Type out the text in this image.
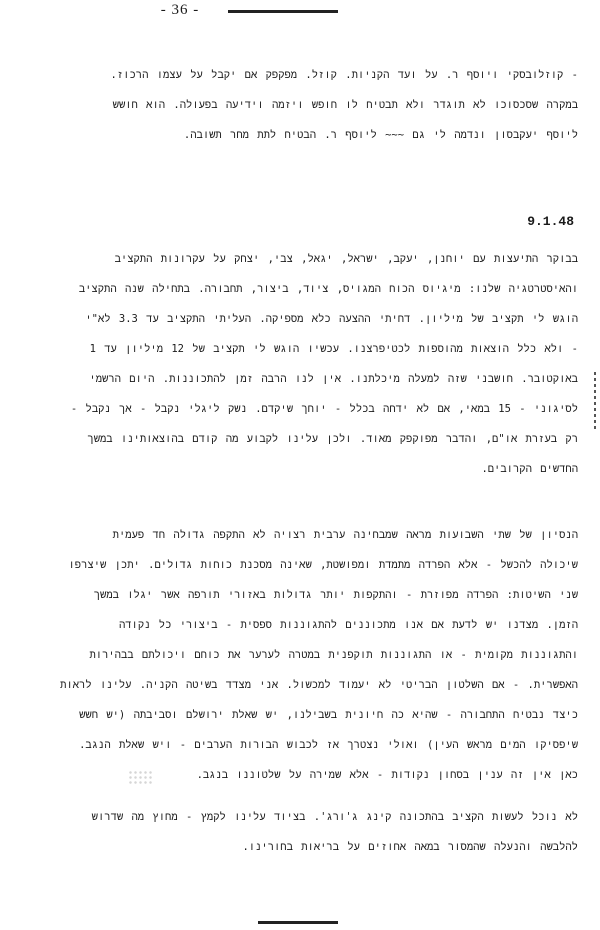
- 36 -
- קוזלובסקי ויוסף ר. על ועד הקניות. קוזל. מפקפק אם יקבל על עצמו הרכוז.
במקרה שסכסוכו לא תוגדר ולא תבטיח לו חופש ויזמה וידיעה בפעולה. הוא חושש
ליוסף יעקבסון ונדמה לי גם ~~~ ליוסף ר. הבטיח לתת מחר תשובה.
9.1.48
בבוקר התיעצות עם יוחנן, יעקב, ישראל, יגאל, צבי, יצחק על עקרונות התקציב
והאיסטרטגיה שלנו: מיגיוס הכוח המגויס, ציוד, ביצור, תחבורה. בתחילה שנה התקציב
הוגש לי תקציב של מיליון. דחיתי ההצעה כלא מספיקה. העליתי התקציב עד 3.3 לא"י
- ולא כלל הוצאות מהוספות לכטיפרצנו. עכשיו הוגש לי תקציב של 12 מיליון עד 1
באוקטובר. חושבני שזה למעלה מיכלתנו. אין לנו הרבה זמן להתכוננות. היום הרשמי
לסיגוני - 15 במאי, אם לא ידחה בכלל - יוחך שיקדם. נשק ליגלי נקבל - אך נקבל -
רק בעזרת או"ם, והדבר מפוקפק מאוד. ולכן עלינו לקבוע מה קודם בהוצאותינו במשך
החדשים הקרובים.
הנסיון של שתי השבועות מראה שמבחינה ערבית רצויה לא התקפה גדולה חד פעמית
שיכולה להכשל - אלא הפרדה מתמדת ומפושטת, שאינה מסכנת כוחות גדולים. יתכן שיצרפו
שני השיטות: הפרדה מפוזרת - והתקפות יותר גדולות באזורי תורפה אשר יגלו במשך
הזמן. מצדנו יש לדעת אם אנו מתכוננים להתגוננות ספסית - ביצורי כל נקודה
והתגוננות מקומית - או התגוננות תוקפנית במטרה לערער את כוחם ויכולתם בבהירות
האפשרית. - אם השלטון הבריטי לא יעמוד למכשול. אני מצדד בשיטה הקניה. עלינו לראות
כיצד נבטיח התחבורה - שהיא כה חיונית בשבילנו, יש שאלת ירושלם וסביבתה (יש חשש
שיפסיקו המים מראש העין) ואולי נצטרך אז לכבוש הבורות הערבים - ויש שאלת הנגב.
כאן אין זה ענין בסחון נקודות - אלא שמירה על שלטוננו בנגב.
לא נוכל לעשות הקציב בהתכונה קינג ג'ורג'. בציוד עלינו לקמץ - מחוץ מה שדרוש
להלבשה והנעלה שהמסור במאה אחוזים על בריאות בחורינו.
